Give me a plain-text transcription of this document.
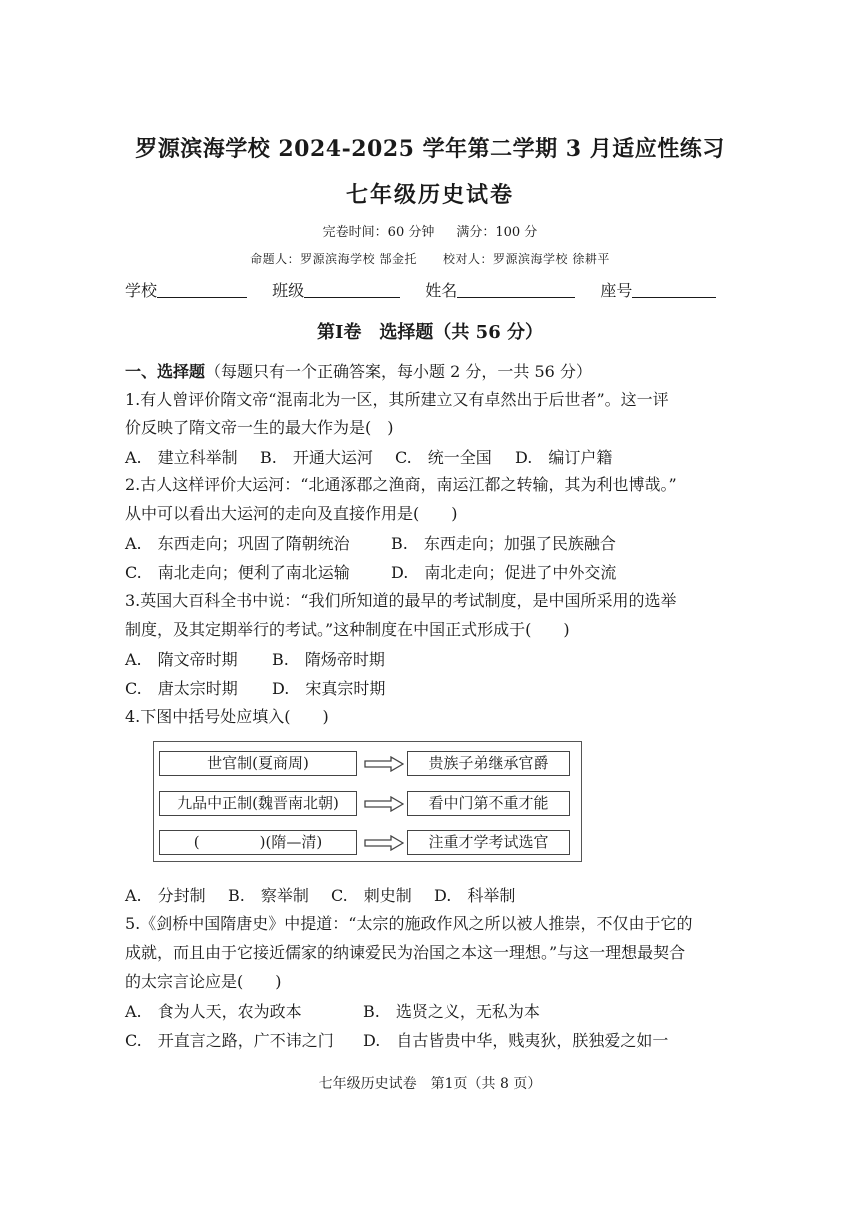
罗源滨海学校 2024-2025 学年第二学期 3 月适应性练习
七年级历史试卷
完卷时间：60 分钟 满分：100 分
命题人：罗源滨海学校 郜金托 校对人：罗源滨海学校 徐耕平
学校	班级	姓名	座号
第Ⅰ卷　选择题（共 56 分）
一、选择题（每题只有一个正确答案，每小题 2 分，一共 56 分）
1.有人曾评价隋文帝“混南北为一区，其所建立又有卓然出于后世者”。这一评
价反映了隋文帝一生的最大作为是(　)
A.　建立科举制 B.　开通大运河 C.　统一全国 D.　编订户籍
2.古人这样评价大运河：“北通涿郡之渔商，南运江都之转输，其为利也博哉。”
从中可以看出大运河的走向及直接作用是(　　)
A.　东西走向；巩固了隋朝统治	B.　东西走向；加强了民族融合
C.　南北走向；便利了南北运输	D.　南北走向；促进了中外交流
3.英国大百科全书中说：“我们所知道的最早的考试制度，是中国所采用的选举
制度，及其定期举行的考试。”这种制度在中国正式形成于(　　)
A.　隋文帝时期 B.　隋炀帝时期
C.　唐太宗时期 D.　宋真宗时期
4.下图中括号处应填入(　　)
世官制(夏商周)	贵族子弟继承官爵
九品中正制(魏晋南北朝)	看中门第不重才能
(　　　　)(隋—清)	注重才学考试选官
A.　分封制 B.　察举制 C.　刺史制 D.　科举制
5.《剑桥中国隋唐史》中提道：“太宗的施政作风之所以被人推崇，不仅由于它的
成就，而且由于它接近儒家的纳谏爱民为治国之本这一理想。”与这一理想最契合
的太宗言论应是(　　)
A.　食为人天，农为政本	B.　选贤之义，无私为本
C.　开直言之路，广不讳之门 D.　自古皆贵中华，贱夷狄，朕独爱之如一
七年级历史试卷　第1页（共 8 页）
